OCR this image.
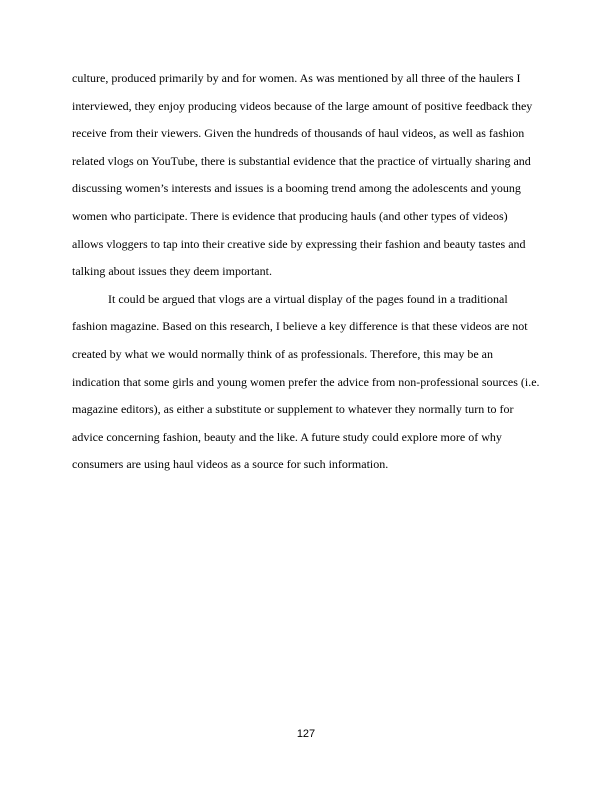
culture, produced primarily by and for women. As was mentioned by all three of the haulers I
interviewed, they enjoy producing videos because of the large amount of positive feedback they
receive from their viewers. Given the hundreds of thousands of haul videos, as well as fashion
related vlogs on YouTube, there is substantial evidence that the practice of virtually sharing and
discussing women’s interests and issues is a booming trend among the adolescents and young
women who participate. There is evidence that producing hauls (and other types of videos)
allows vloggers to tap into their creative side by expressing their fashion and beauty tastes and
talking about issues they deem important.
It could be argued that vlogs are a virtual display of the pages found in a traditional
fashion magazine. Based on this research, I believe a key difference is that these videos are not
created by what we would normally think of as professionals. Therefore, this may be an
indication that some girls and young women prefer the advice from non-professional sources (i.e.
magazine editors), as either a substitute or supplement to whatever they normally turn to for
advice concerning fashion, beauty and the like. A future study could explore more of why
consumers are using haul videos as a source for such information.
127
